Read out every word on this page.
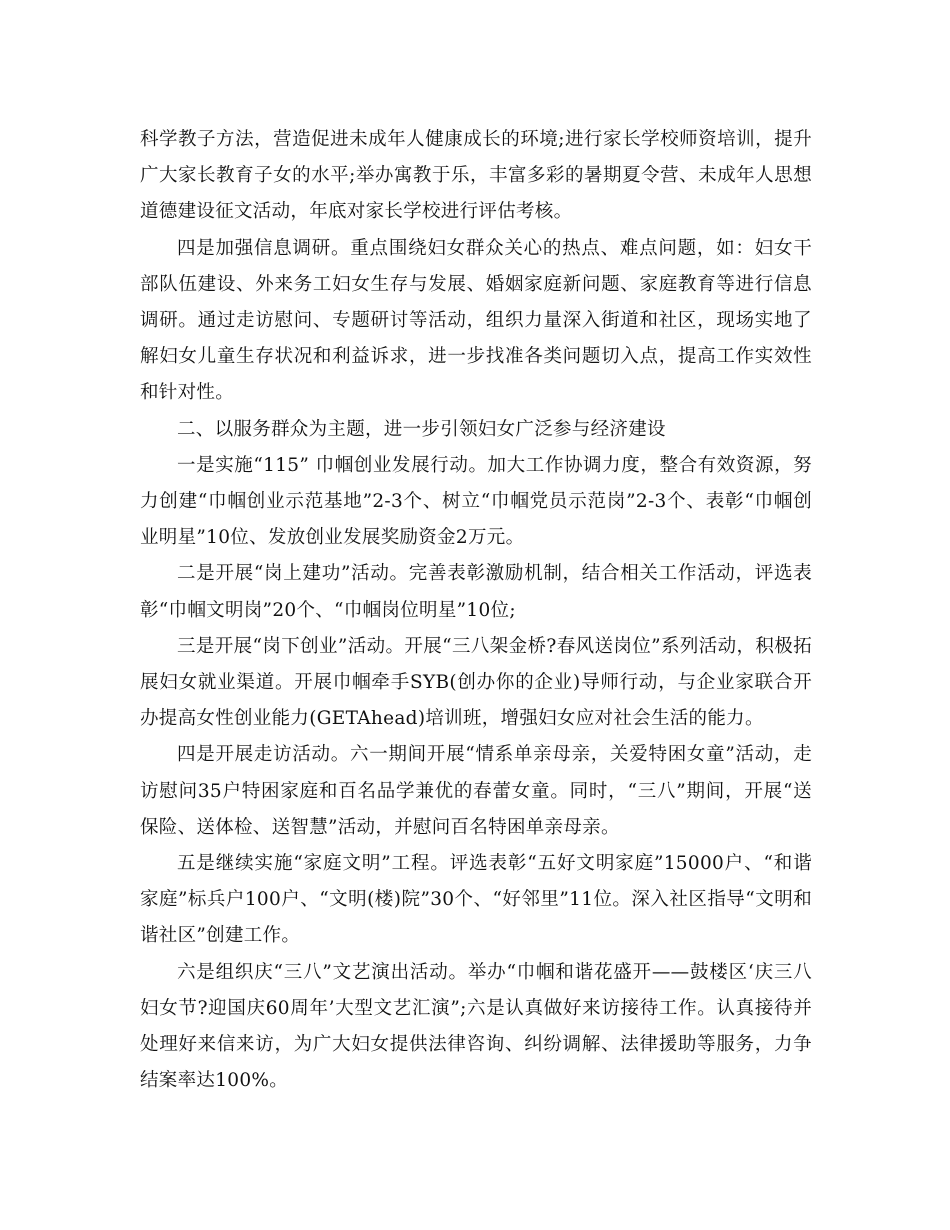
科学教子方法，营造促进未成年人健康成长的环境;进行家长学校师资培训，提升广大家长教育子女的水平;举办寓教于乐，丰富多彩的暑期夏令营、未成年人思想道德建设征文活动，年底对家长学校进行评估考核。

四是加强信息调研。重点围绕妇女群众关心的热点、难点问题，如：妇女干部队伍建设、外来务工妇女生存与发展、婚姻家庭新问题、家庭教育等进行信息调研。通过走访慰问、专题研讨等活动，组织力量深入街道和社区，现场实地了解妇女儿童生存状况和利益诉求，进一步找准各类问题切入点，提高工作实效性和针对性。

二、以服务群众为主题，进一步引领妇女广泛参与经济建设

一是实施“115” 巾帼创业发展行动。加大工作协调力度，整合有效资源，努力创建“巾帼创业示范基地”2-3个、树立“巾帼党员示范岗”2-3个、表彰“巾帼创业明星”10位、发放创业发展奖励资金2万元。

二是开展“岗上建功”活动。完善表彰激励机制，结合相关工作活动，评选表彰“巾帼文明岗”20个、“巾帼岗位明星”10位;

三是开展“岗下创业”活动。开展“三八架金桥?春风送岗位”系列活动，积极拓展妇女就业渠道。开展巾帼牵手SYB(创办你的企业)导师行动，与企业家联合开办提高女性创业能力(GETAhead)培训班，增强妇女应对社会生活的能力。

四是开展走访活动。六一期间开展“情系单亲母亲，关爱特困女童”活动，走访慰问35户特困家庭和百名品学兼优的春蕾女童。同时，“三八”期间，开展“送保险、送体检、送智慧”活动，并慰问百名特困单亲母亲。

五是继续实施“家庭文明”工程。评选表彰“五好文明家庭”15000户、“和谐家庭”标兵户100户、“文明(楼)院”30个、“好邻里”11位。深入社区指导“文明和谐社区”创建工作。

六是组织庆“三八”文艺演出活动。举办“巾帼和谐花盛开——鼓楼区‘庆三八妇女节?迎国庆60周年’大型文艺汇演”;六是认真做好来访接待工作。认真接待并处理好来信来访，为广大妇女提供法律咨询、纠纷调解、法律援助等服务，力争结案率达100%。
